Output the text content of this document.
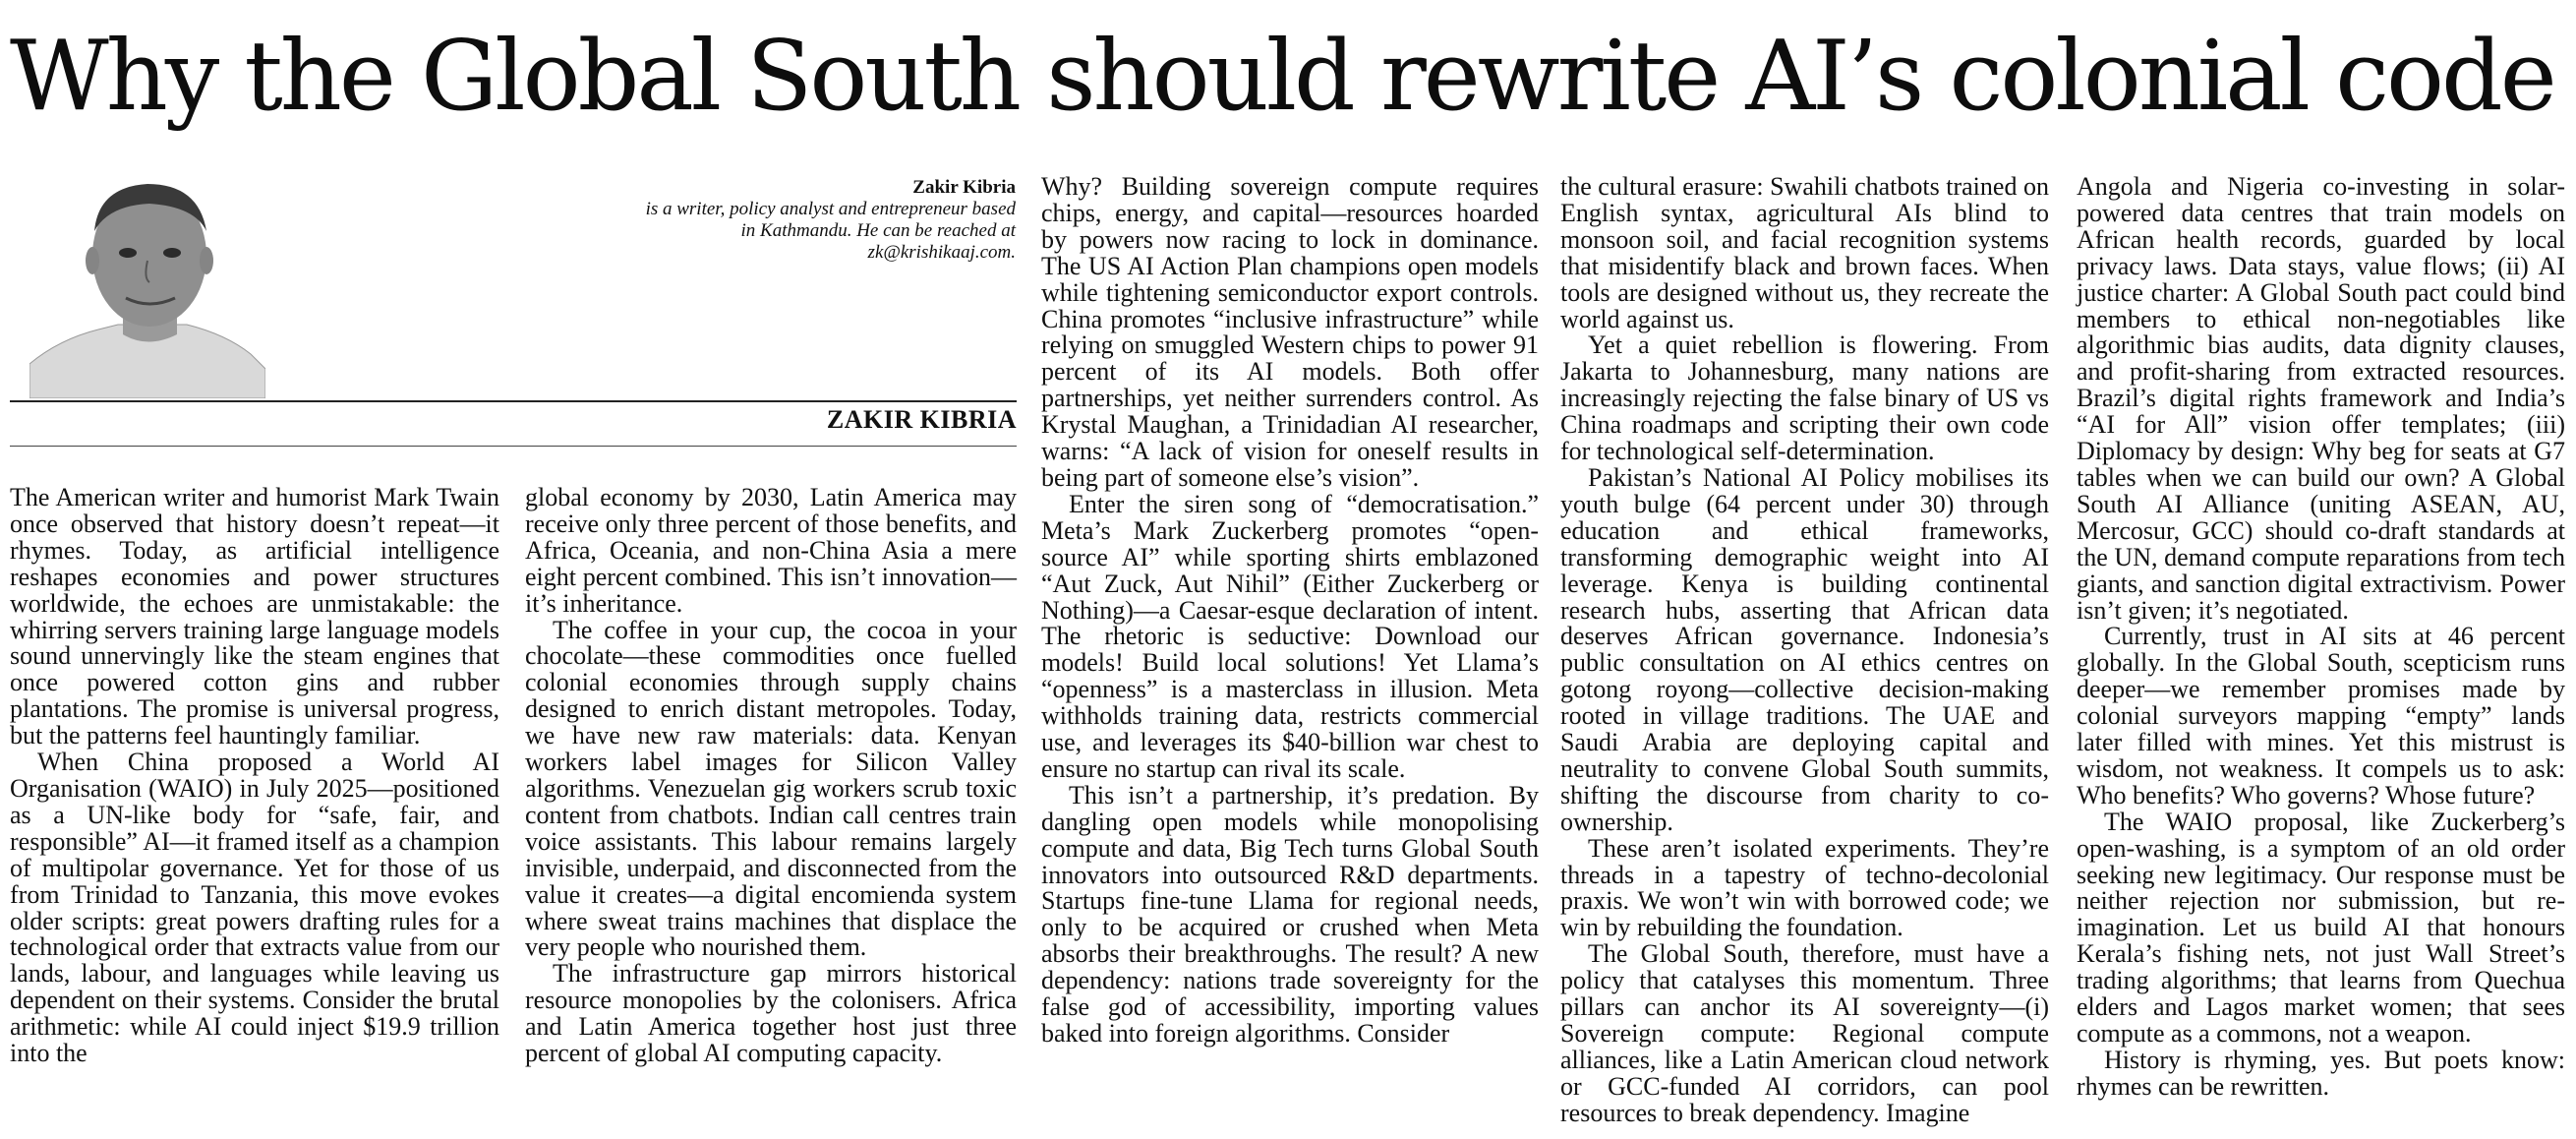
Why the Global South should rewrite AI’s colonial code
Zakir Kibria
is a writer, policy analyst and entrepreneur based in Kathmandu. He can be reached at zk@krishikaaj.com.
ZAKIR KIBRIA

The American writer and humorist Mark Twain once observed that history doesn’t repeat—it rhymes. Today, as artificial intelligence reshapes economies and power structures worldwide, the echoes are unmistakable: the whirring servers training large language models sound unnervingly like the steam engines that once powered cotton gins and rubber plantations. The promise is universal progress, but the patterns feel hauntingly familiar.

When China proposed a World AI Organisation (WAIO) in July 2025—positioned as a UN-like body for “safe, fair, and responsible” AI—it framed itself as a champion of multipolar governance. Yet for those of us from Trinidad to Tanzania, this move evokes older scripts: great powers drafting rules for a technological order that extracts value from our lands, labour, and languages while leaving us dependent on their systems. Consider the brutal arithmetic: while AI could inject $19.9 trillion into the

global economy by 2030, Latin America may receive only three percent of those benefits, and Africa, Oceania, and non-China Asia a mere eight percent combined. This isn’t innovation—it’s inheritance.

The coffee in your cup, the cocoa in your chocolate—these commodities once fuelled colonial economies through supply chains designed to enrich distant metropoles. Today, we have new raw materials: data. Kenyan workers label images for Silicon Valley algorithms. Venezuelan gig workers scrub toxic content from chatbots. Indian call centres train voice assistants. This labour remains largely invisible, underpaid, and disconnected from the value it creates—a digital encomienda system where sweat trains machines that displace the very people who nourished them.

The infrastructure gap mirrors historical resource monopolies by the colonisers. Africa and Latin America together host just three percent of global AI computing capacity.

Why? Building sovereign compute requires chips, energy, and capital—resources hoarded by powers now racing to lock in dominance. The US AI Action Plan champions open models while tightening semiconductor export controls. China promotes “inclusive infrastructure” while relying on smuggled Western chips to power 91 percent of its AI models. Both offer partnerships, yet neither surrenders control. As Krystal Maughan, a Trinidadian AI researcher, warns: “A lack of vision for oneself results in being part of someone else’s vision”.

Enter the siren song of “democratisation.” Meta’s Mark Zuckerberg promotes “open-source AI” while sporting shirts emblazoned “Aut Zuck, Aut Nihil” (Either Zuckerberg or Nothing)—a Caesar-esque declaration of intent. The rhetoric is seductive: Download our models! Build local solutions! Yet Llama’s “openness” is a masterclass in illusion. Meta withholds training data, restricts commercial use, and leverages its $40-billion war chest to ensure no startup can rival its scale.

This isn’t a partnership, it’s predation. By dangling open models while monopolising compute and data, Big Tech turns Global South innovators into outsourced R&D departments. Startups fine-tune Llama for regional needs, only to be acquired or crushed when Meta absorbs their breakthroughs. The result? A new dependency: nations trade sovereignty for the false god of accessibility, importing values baked into foreign algorithms. Consider

the cultural erasure: Swahili chatbots trained on English syntax, agricultural AIs blind to monsoon soil, and facial recognition systems that misidentify black and brown faces. When tools are designed without us, they recreate the world against us.

Yet a quiet rebellion is flowering. From Jakarta to Johannesburg, many nations are increasingly rejecting the false binary of US vs China roadmaps and scripting their own code for technological self-determination.

Pakistan’s National AI Policy mobilises its youth bulge (64 percent under 30) through education and ethical frameworks, transforming demographic weight into AI leverage. Kenya is building continental research hubs, asserting that African data deserves African governance. Indonesia’s public consultation on AI ethics centres on gotong royong—collective decision-making rooted in village traditions. The UAE and Saudi Arabia are deploying capital and neutrality to convene Global South summits, shifting the discourse from charity to co-ownership.

These aren’t isolated experiments. They’re threads in a tapestry of techno-decolonial praxis. We won’t win with borrowed code; we win by rebuilding the foundation.

The Global South, therefore, must have a policy that catalyses this momentum. Three pillars can anchor its AI sovereignty—(i) Sovereign compute: Regional compute alliances, like a Latin American cloud network or GCC-funded AI corridors, can pool resources to break dependency. Imagine

Angola and Nigeria co-investing in solar-powered data centres that train models on African health records, guarded by local privacy laws. Data stays, value flows; (ii) AI justice charter: A Global South pact could bind members to ethical non-negotiables like algorithmic bias audits, data dignity clauses, and profit-sharing from extracted resources. Brazil’s digital rights framework and India’s “AI for All” vision offer templates; (iii) Diplomacy by design: Why beg for seats at G7 tables when we can build our own? A Global South AI Alliance (uniting ASEAN, AU, Mercosur, GCC) should co-draft standards at the UN, demand compute reparations from tech giants, and sanction digital extractivism. Power isn’t given; it’s negotiated.

Currently, trust in AI sits at 46 percent globally. In the Global South, scepticism runs deeper—we remember promises made by colonial surveyors mapping “empty” lands later filled with mines. Yet this mistrust is wisdom, not weakness. It compels us to ask: Who benefits? Who governs? Whose future?

The WAIO proposal, like Zuckerberg’s open-washing, is a symptom of an old order seeking new legitimacy. Our response must be neither rejection nor submission, but re-imagination. Let us build AI that honours Kerala’s fishing nets, not just Wall Street’s trading algorithms; that learns from Quechua elders and Lagos market women; that sees compute as a commons, not a weapon.

History is rhyming, yes. But poets know: rhymes can be rewritten.
